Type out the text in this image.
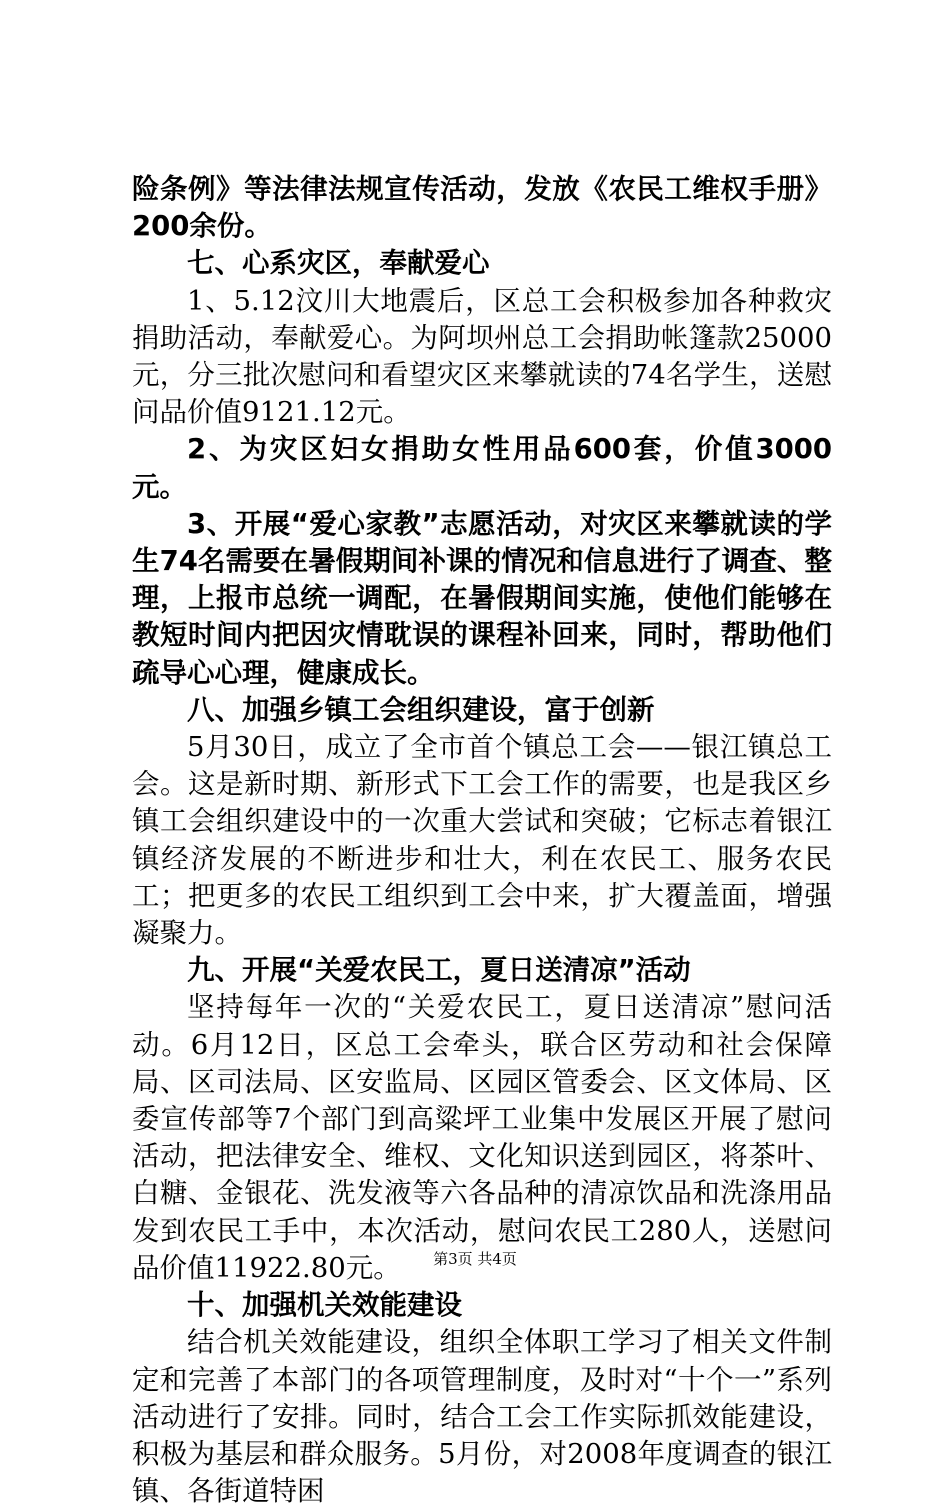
险条例》等法律法规宣传活动，发放《农民工维权手册》200余份。

七、心系灾区，奉献爱心

1、5.12汶川大地震后，区总工会积极参加各种救灾捐助活动，奉献爱心。为阿坝州总工会捐助帐篷款25000元，分三批次慰问和看望灾区来攀就读的74名学生，送慰问品价值9121.12元。

2、为灾区妇女捐助女性用品600套，价值3000元。

3、开展“爱心家教”志愿活动，对灾区来攀就读的学生74名需要在暑假期间补课的情况和信息进行了调查、整理，上报市总统一调配，在暑假期间实施，使他们能够在教短时间内把因灾情耽误的课程补回来，同时，帮助他们疏导心心理，健康成长。

八、加强乡镇工会组织建设，富于创新

5月30日，成立了全市首个镇总工会——银江镇总工会。这是新时期、新形式下工会工作的需要，也是我区乡镇工会组织建设中的一次重大尝试和突破；它标志着银江镇经济发展的不断进步和壮大，利在农民工、服务农民工；把更多的农民工组织到工会中来，扩大覆盖面，增强凝聚力。

九、开展“关爱农民工，夏日送清凉”活动

坚持每年一次的“关爱农民工，夏日送清凉”慰问活动。6月12日，区总工会牵头，联合区劳动和社会保障局、区司法局、区安监局、区园区管委会、区文体局、区委宣传部等7个部门到高粱坪工业集中发展区开展了慰问活动，把法律安全、维权、文化知识送到园区，将茶叶、白糖、金银花、洗发液等六各品种的清凉饮品和洗涤用品发到农民工手中，本次活动，慰问农民工280人，送慰问品价值11922.80元。

十、加强机关效能建设

结合机关效能建设，组织全体职工学习了相关文件制定和完善了本部门的各项管理制度，及时对“十个一”系列活动进行了安排。同时，结合工会工作实际抓效能建设，积极为基层和群众服务。5月份，对2008年度调查的银江镇、各街道特困

第3页 共4页
